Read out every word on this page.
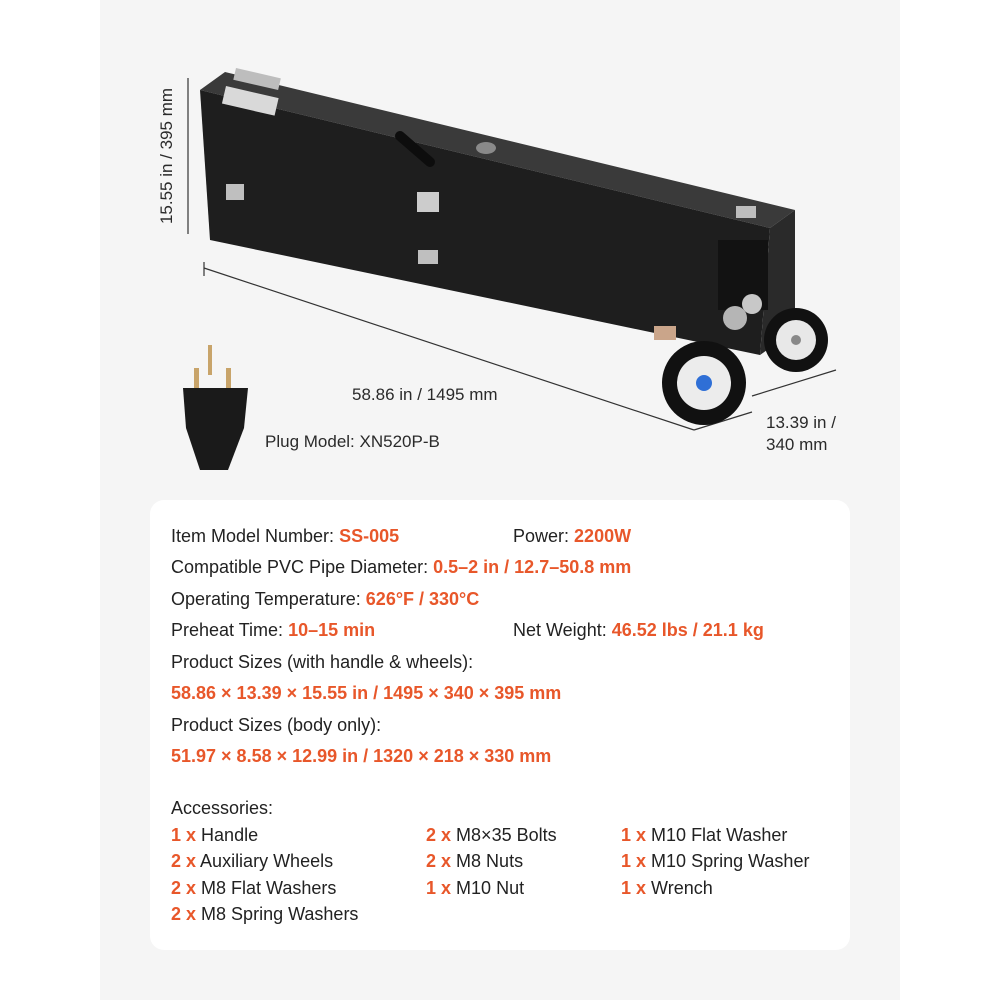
15.55 in / 395 mm
58.86 in / 1495 mm
13.39 in /
340 mm
Plug Model: XN520P-B
Item Model Number: SS-005	Power: 2200W
Compatible PVC Pipe Diameter: 0.5–2 in / 12.7–50.8 mm
Operating Temperature: 626°F / 330°C
Preheat Time: 10–15 min	Net Weight: 46.52 lbs / 21.1 kg
Product Sizes (with handle & wheels):
58.86 × 13.39 × 15.55 in / 1495 × 340 × 395 mm
Product Sizes (body only):
51.97 × 8.58 × 12.99 in / 1320 × 218 × 330 mm
Accessories:
1 x Handle
2 x Auxiliary Wheels
2 x M8 Flat Washers
2 x M8 Spring Washers
2 x M8×35 Bolts
2 x M8 Nuts
1 x M10 Nut
1 x M10 Flat Washer
1 x M10 Spring Washer
1 x Wrench
